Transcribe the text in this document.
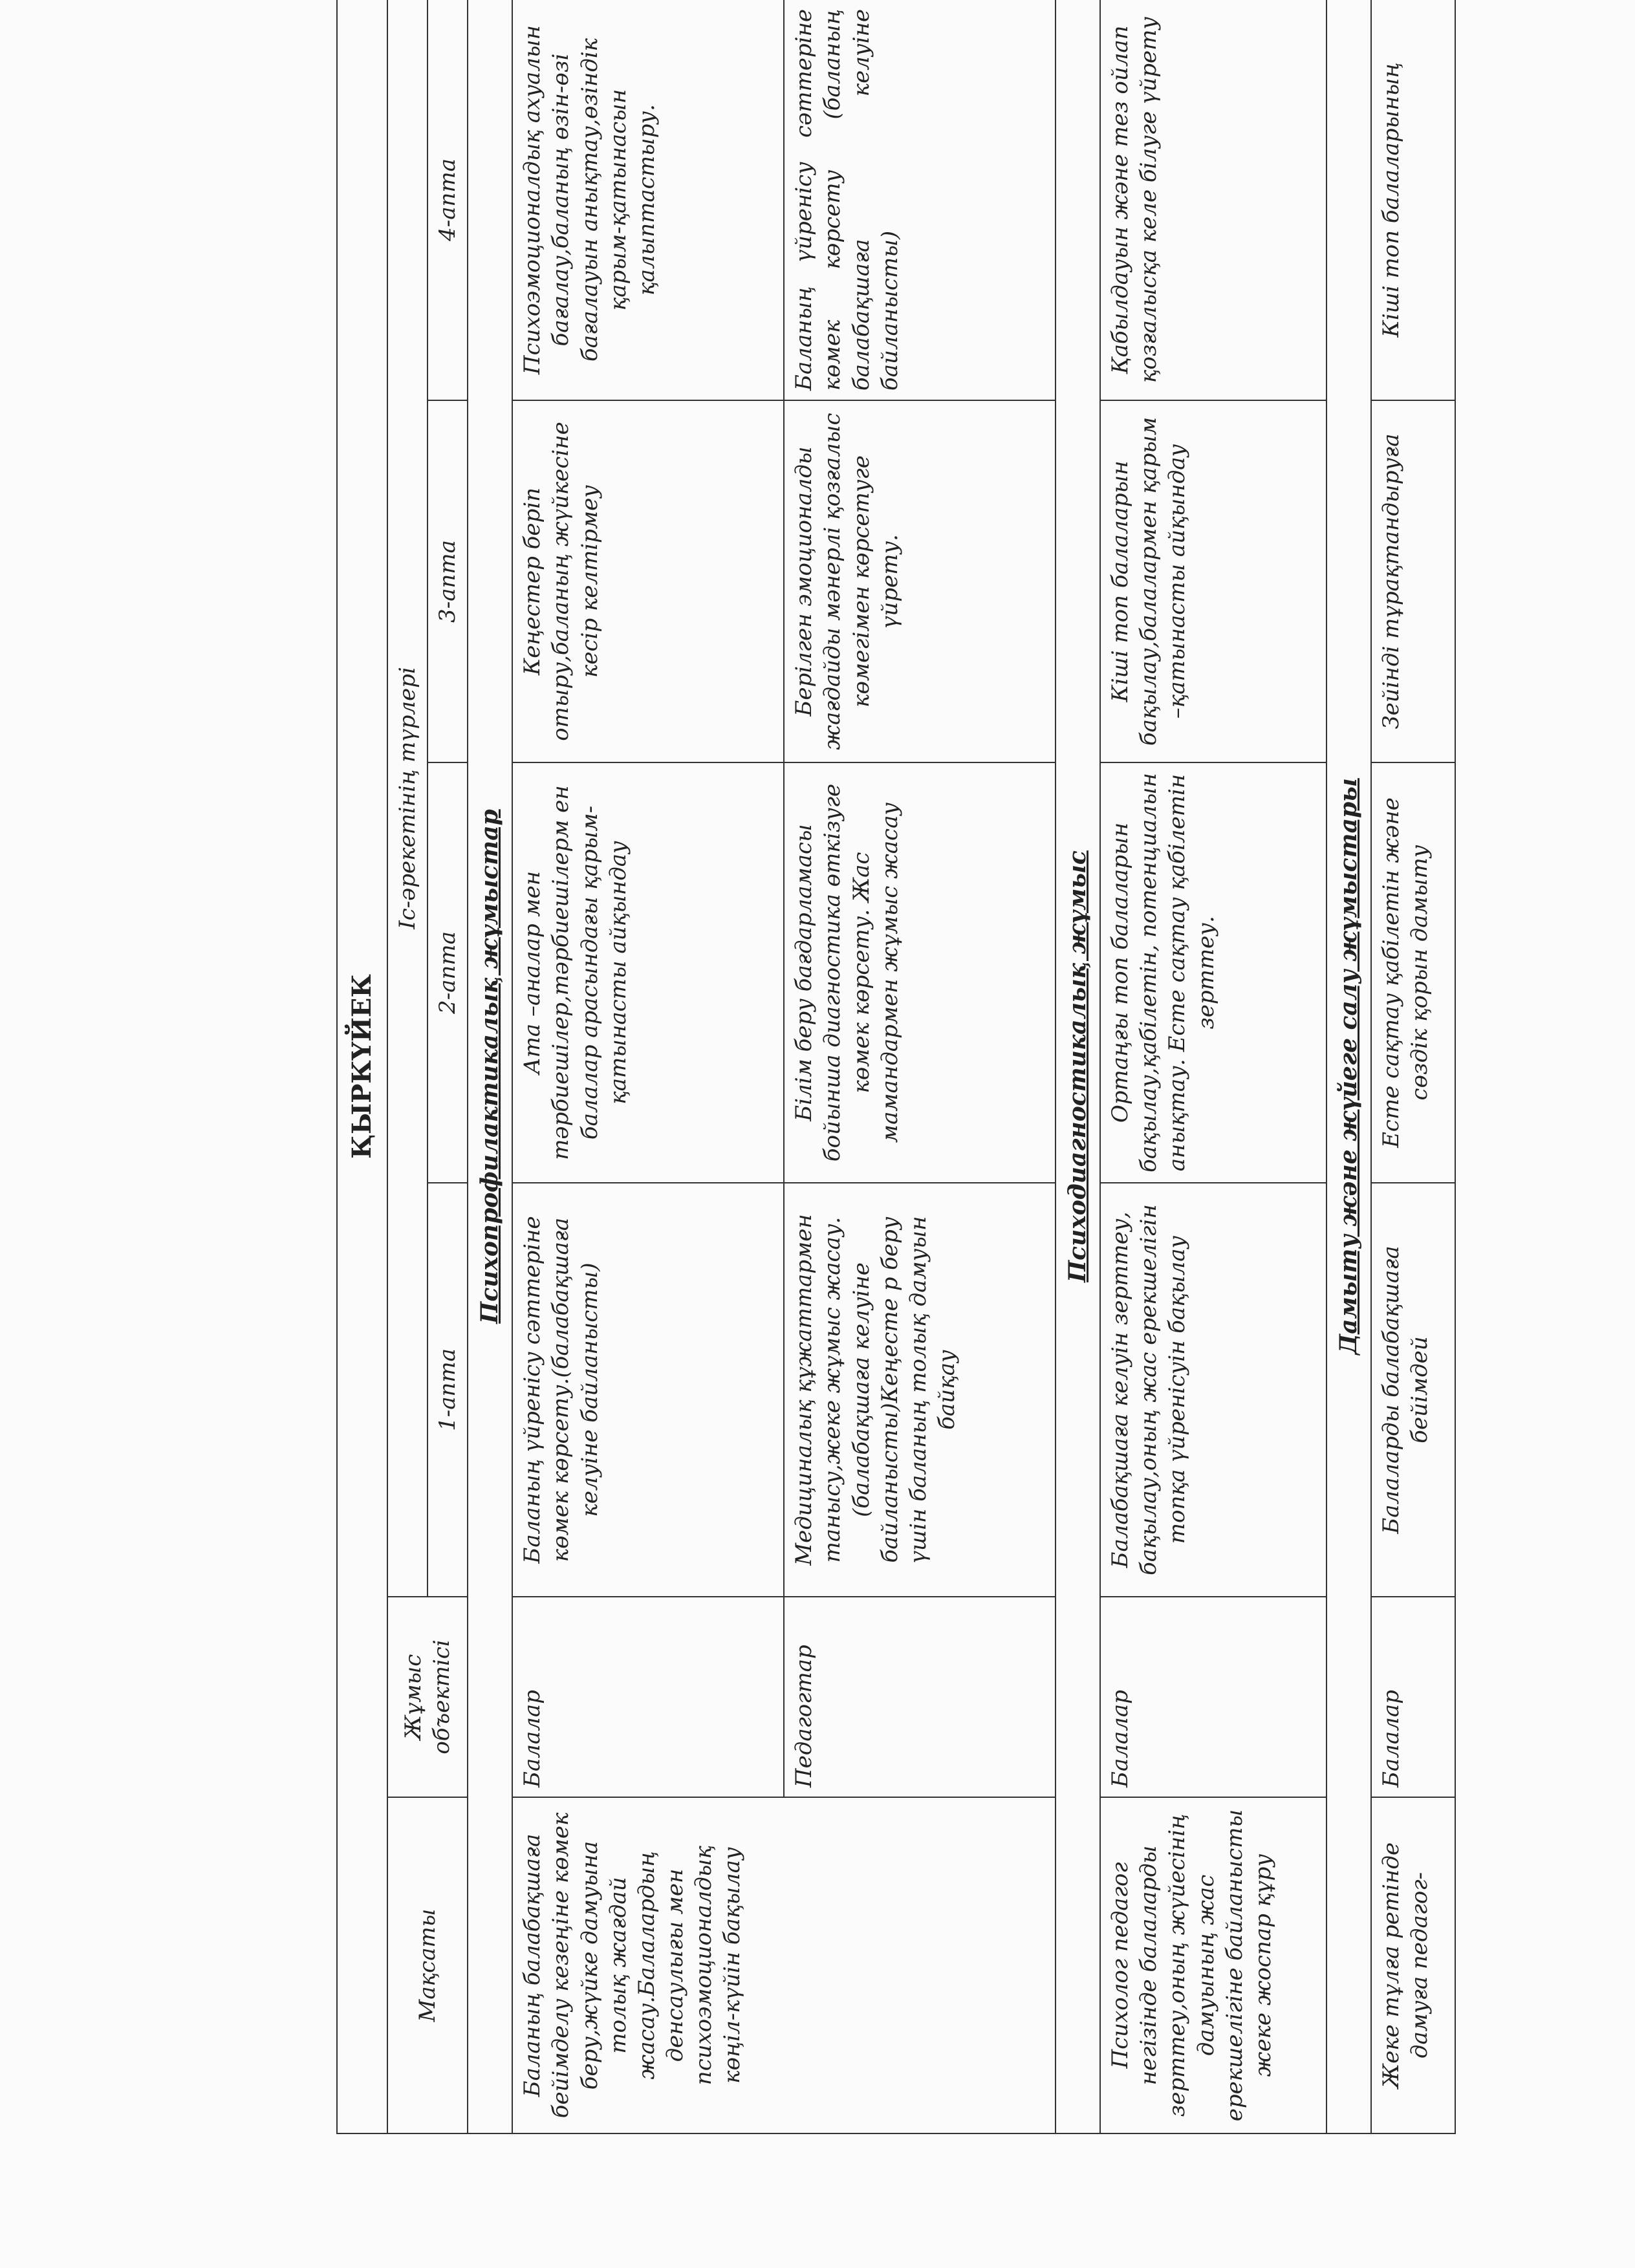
ҚЫРКҮЙЕК					
Мақсаты	Жұмыс объектісі	Іс-әрекетінің түрлері			
		1-апта	2-апта	3-апта	4-апта
Психопрофилактикалық жұмыстар					
Баланың балабақшаға бейімделу кезеңіне көмек беру,жүйке дамуына толық жағдай жасау.Балалардың денсаулығы мен психоэмоционалдық көңіл-күйін бақылау	Балалар	Баланың үйренісу сәттеріне көмек көрсету.(балабақшаға келуіне байланысты)	Ата –аналар мен тәрбиешілер,тәрбиешілерм ен балалар арасындағы қарым-қатынасты айқындау	Кеңестер беріп отыру,баланың жүйкесіне кесір келтірмеу	Психоэмоционалдық ахуалын бағалау,баланың өзін-өзі бағалауын анықтау,өзіндік қарым-қатынасын қалыптастыру.
	Педагогтар	Медициналық құжаттармен танысу,жеке жұмыс жасау.(балабақшаға келуіне байланысты)Кеңесте р беру үшін баланың толық дамуын байқау	Білім беру бағдарламасы бойынша диагностика өткізуге көмек көрсету. Жас мамандармен жұмыс жасау	Берілген эмоционалды жағдайды мәнерлі қозғалыс көмегімен көрсетуге үйрету.	Баланың үйренісу сәттеріне көмек көрсету (баланың балабақшаға келуіне байланысты)
Психодиагностикалық жұмыс					
Психолог педагог негізінде балаларды зерттеу,оның жүйесінің дамуының жас ерекшелігіне байланысты жеке жоспар құру	Балалар	Балабақшаға келуін зерттеу, бақылау,оның жас ерекшелігін топқа үйренісуін бақылау	Ортаңғы топ балаларын бақылау,қабілетін, потенциалын анықтау. Есте сақтау қабілетін зерттеу.	Кіші топ балаларын бақылау,балалармен қарым –қатынасты айқындау	Қабылдауын және тез ойлап қозғалысқа келе білуге үйрету
Дамыту және жүйеге салу жұмыстары					
Жеке тұлға ретінде дамуға педагог-	Балалар	Балаларды балабақшаға бейімдей	Есте сақтау қабілетін және сөздік қорын дамыту	Зейінді тұрақтандыруға	Кіші топ балаларының
